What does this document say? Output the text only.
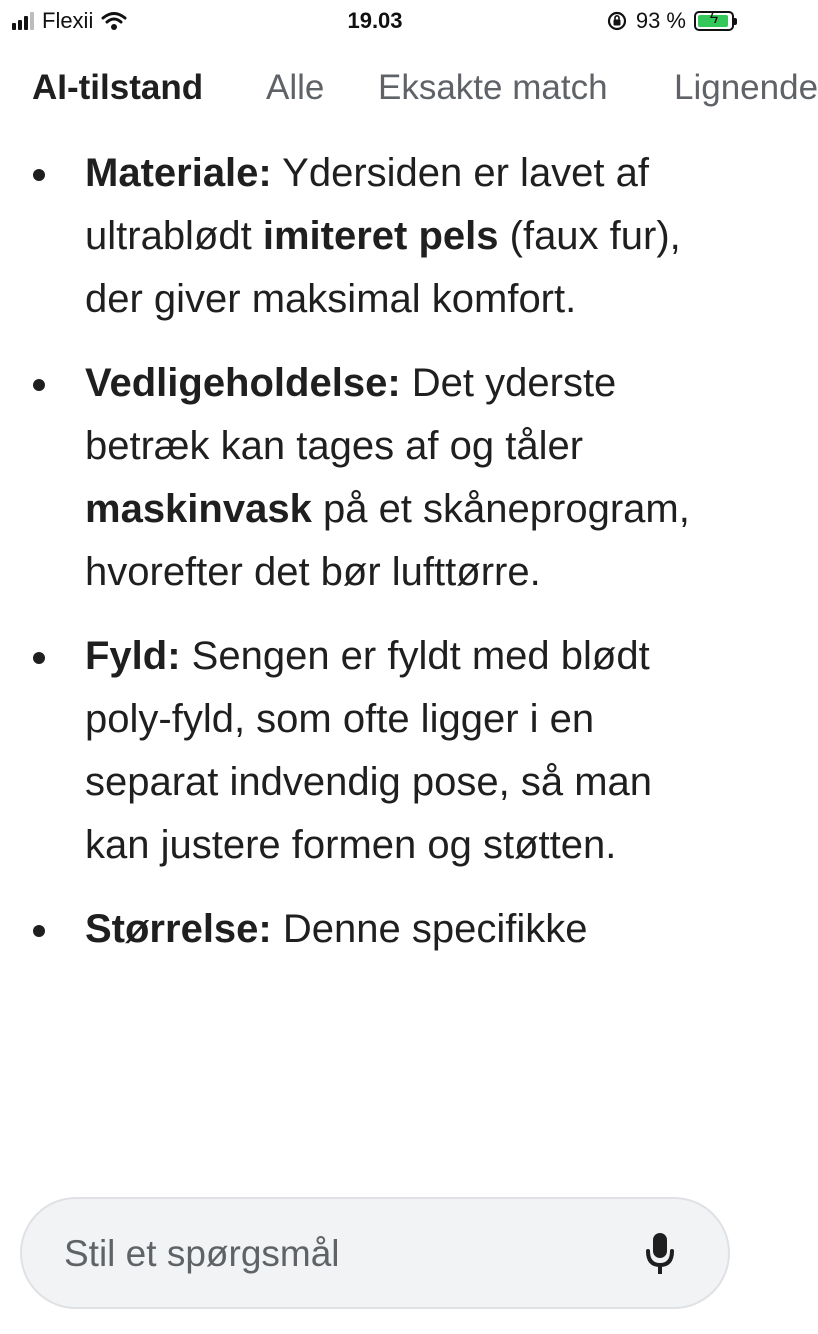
Flexii	19.03	93 %	ϟ
AI-tilstand Alle Eksakte match Lignende
Materiale: Ydersiden er lavet af ultrablødt imiteret pels (faux fur), der giver maksimal komfort.
Vedligeholdelse: Det yderste betræk kan tages af og tåler maskinvask på et skåneprogram, hvorefter det bør lufttørre.
Fyld: Sengen er fyldt med blødt poly-fyld, som ofte ligger i en separat indvendig pose, så man kan justere formen og støtten.
Størrelse: Denne specifikke
Stil et spørgsmål
